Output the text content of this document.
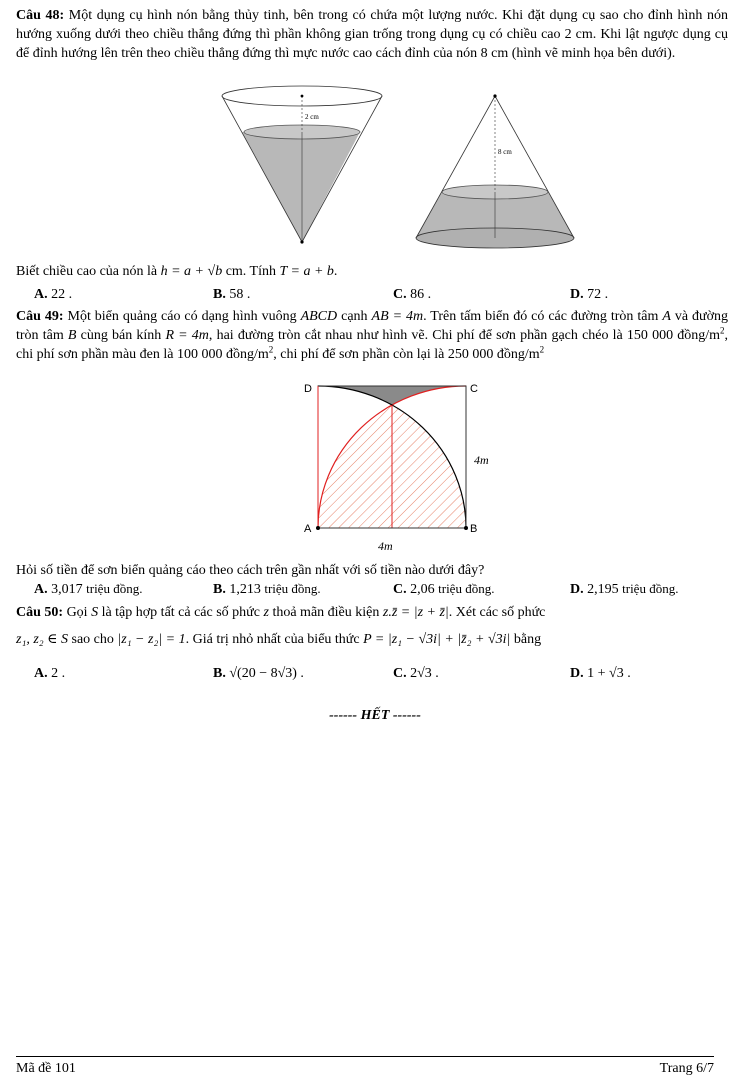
Câu 48: Một dụng cụ hình nón bằng thủy tinh, bên trong có chứa một lượng nước. Khi đặt dụng cụ sao cho đỉnh hình nón hướng xuống dưới theo chiều thẳng đứng thì phần không gian trống trong dụng cụ có chiều cao 2 cm. Khi lật ngược dụng cụ để đỉnh hướng lên trên theo chiều thẳng đứng thì mực nước cao cách đỉnh của nón 8 cm (hình vẽ minh họa bên dưới).

2 cm
8 cm

Biết chiều cao của nón là h = a + √b cm. Tính T = a + b.

A. 22 .	B. 58 .	C. 86 .	D. 72 .

Câu 49: Một biển quảng cáo có dạng hình vuông ABCD cạnh AB = 4m. Trên tấm biển đó có các đường tròn tâm A và đường tròn tâm B cùng bán kính R = 4m, hai đường tròn cắt nhau như hình vẽ. Chi phí để sơn phần gạch chéo là 150 000 đồng/$m^2$, chi phí sơn phần màu đen là 100 000 đồng/$m^2$, chi phí để sơn phần còn lại là 250 000 đồng/$m^2$

D	C
A	B
4m
4m

Hỏi số tiền để sơn biển quảng cáo theo cách trên gần nhất với số tiền nào dưới đây?

A. 3,017 triệu đồng.	B. 1,213 triệu đồng.	C. 2,06 triệu đồng.	D. 2,195 triệu đồng.

Câu 50: Gọi S là tập hợp tất cả các số phức z thoả mãn điều kiện z.z̄ = |z + z̄|. Xét các số phức

z₁, z₂ ∈ S sao cho |z₁ − z₂| = 1. Giá trị nhỏ nhất của biểu thức P = |z₁ − √3i| + |z̄₂ + √3i| bằng

A. 2 .	B. √(20 − 8√3) .	C. 2√3 .	D. 1 + √3 .
------ HẾT ------
Mã đề 101	Trang 6/7
